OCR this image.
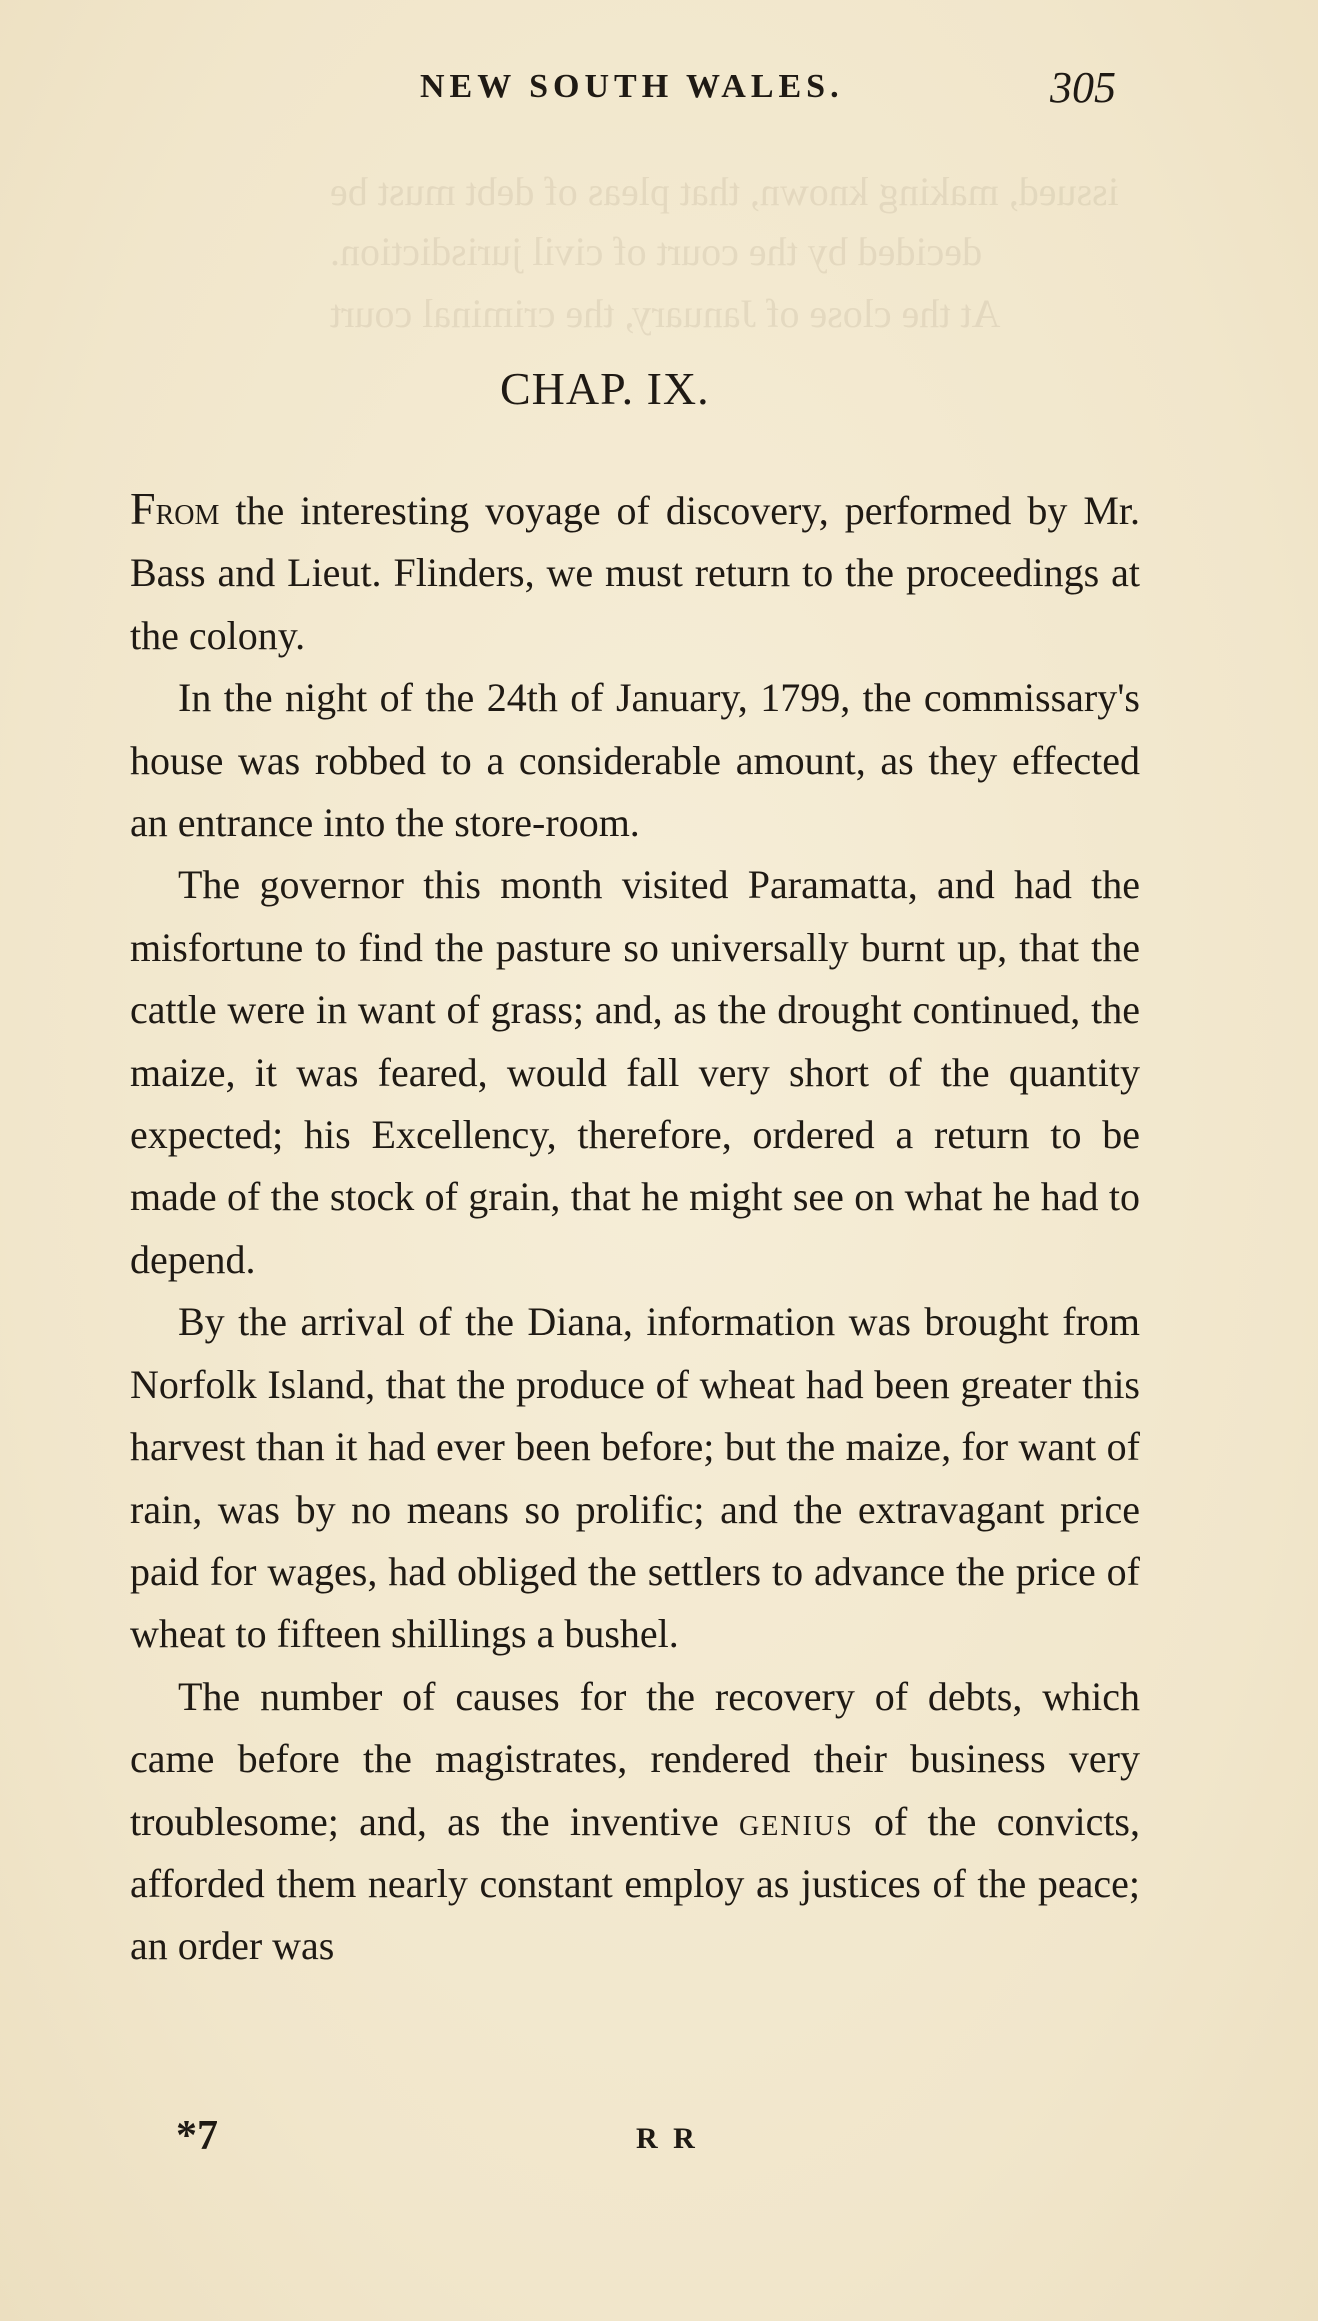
issued, making known, that pleas of debt must be
decided by the court of civil jurisdiction.
At the close of January, the criminal court
NEW SOUTH WALES.	305
CHAP. IX.

From the interesting voyage of discovery, performed by Mr. Bass and Lieut. Flinders, we must return to the proceedings at the colony.

In the night of the 24th of January, 1799, the commissary's house was robbed to a considerable amount, as they effected an entrance into the store-room.

The governor this month visited Paramatta, and had the misfortune to find the pasture so universally burnt up, that the cattle were in want of grass; and, as the drought continued, the maize, it was feared, would fall very short of the quantity expected; his Excellency, therefore, ordered a return to be made of the stock of grain, that he might see on what he had to depend.

By the arrival of the Diana, information was brought from Norfolk Island, that the produce of wheat had been greater this harvest than it had ever been before; but the maize, for want of rain, was by no means so prolific; and the extravagant price paid for wages, had obliged the settlers to advance the price of wheat to fifteen shillings a bushel.

The number of causes for the recovery of debts, which came before the magistrates, rendered their business very troublesome; and, as the inventive genius of the convicts, afforded them nearly constant employ as justices of the peace; an order was

*7	R R
